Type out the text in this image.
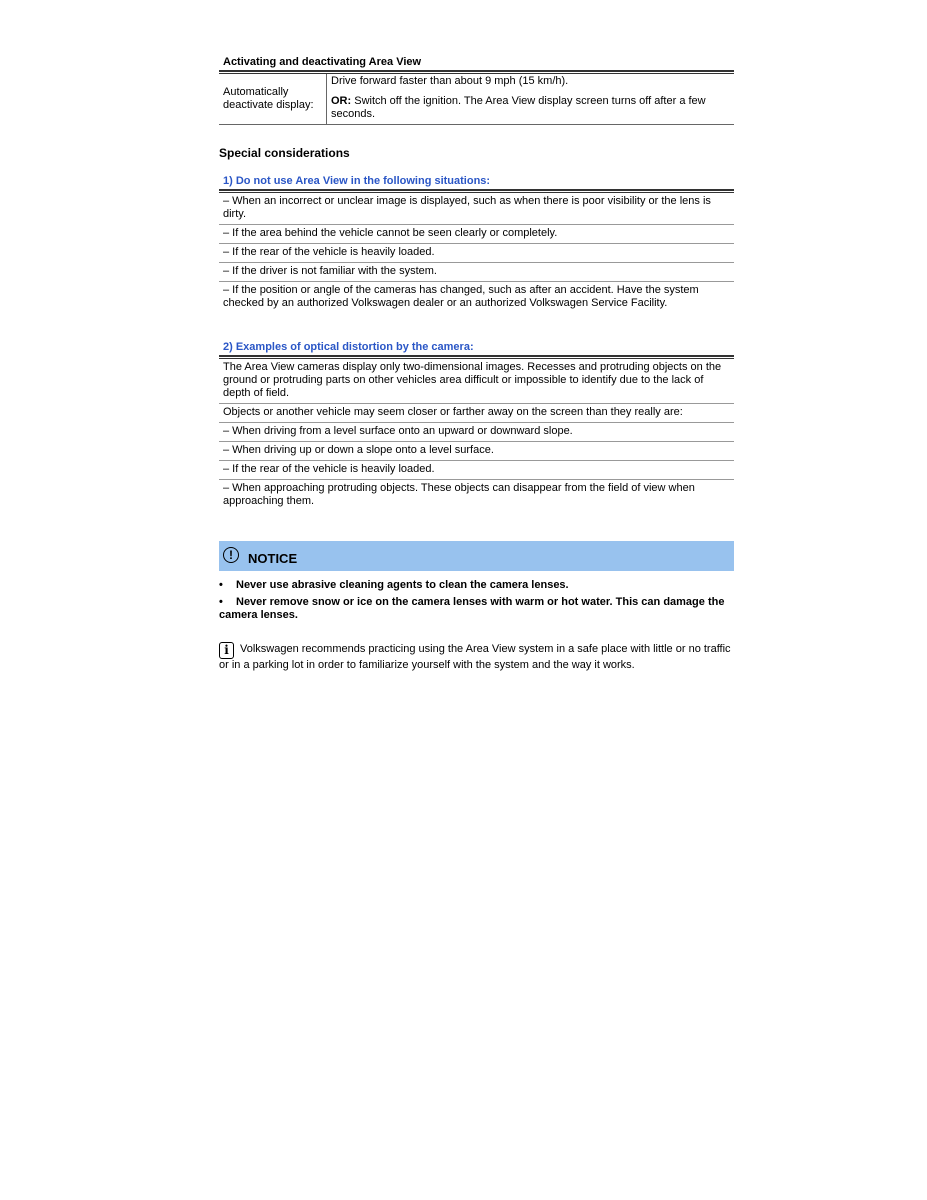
Activating and deactivating Area View
Automatically deactivate display:

Drive forward faster than about 9 mph (15 km/h).

OR: Switch off the ignition. The Area View display screen turns off after a few seconds.

Special considerations
1) Do not use Area View in the following situations:
– When an incorrect or unclear image is displayed, such as when there is poor visibility or the lens is dirty.
– If the area behind the vehicle cannot be seen clearly or completely.
– If the rear of the vehicle is heavily loaded.
– If the driver is not familiar with the system.
– If the position or angle of the cameras has changed, such as after an accident. Have the system checked by an authorized Volkswagen dealer or an authorized Volkswagen Service Facility.
2) Examples of optical distortion by the camera:
The Area View cameras display only two-dimensional images. Recesses and protruding objects on the ground or protruding parts on other vehicles area difficult or impossible to identify due to the lack of depth of field.
Objects or another vehicle may seem closer or farther away on the screen than they really are:
– When driving from a level surface onto an upward or downward slope.
– When driving up or down a slope onto a level surface.
– If the rear of the vehicle is heavily loaded.
– When approaching protruding objects. These objects can disappear from the field of view when approaching them.
!	NOTICE
• Never use abrasive cleaning agents to clean the camera lenses.
• Never remove snow or ice on the camera lenses with warm or hot water. This can damage the camera lenses.
i Volkswagen recommends practicing using the Area View system in a safe place with little or no traffic or in a parking lot in order to familiarize yourself with the system and the way it works.
